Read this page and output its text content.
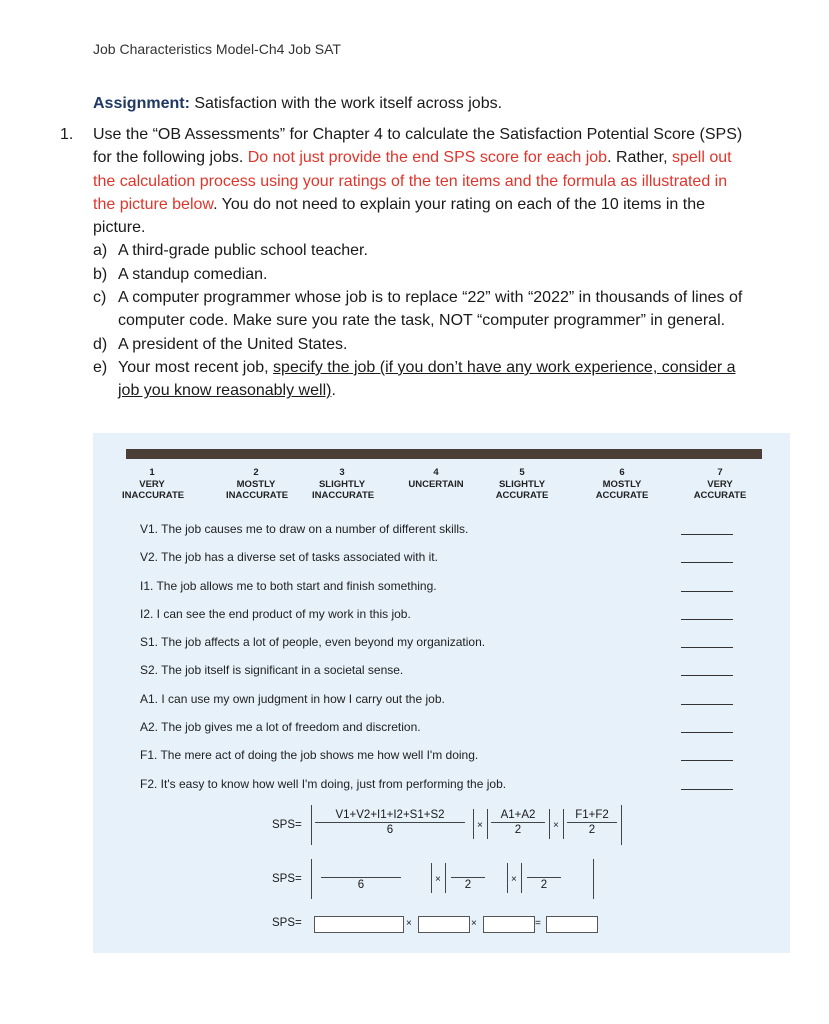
Job Characteristics Model-Ch4 Job SAT
Assignment: Satisfaction with the work itself across jobs.
1. Use the “OB Assessments” for Chapter 4 to calculate the Satisfaction Potential Score (SPS) for the following jobs. Do not just provide the end SPS score for each job. Rather, spell out the calculation process using your ratings of the ten items and the formula as illustrated in the picture below. You do not need to explain your rating on each of the 10 items in the picture.
a) A third-grade public school teacher.
b) A standup comedian.
c) A computer programmer whose job is to replace “22” with “2022” in thousands of lines of computer code. Make sure you rate the task, NOT “computer programmer” in general.
d) A president of the United States.
e) Your most recent job, specify the job (if you don’t have any work experience, consider a job you know reasonably well).
1
VERY INACCURATE
2
MOSTLY INACCURATE
3
SLIGHTLY INACCURATE
4
UNCERTAIN
5
SLIGHTLY ACCURATE
6
MOSTLY ACCURATE
7
VERY ACCURATE
V1. The job causes me to draw on a number of different skills.
V2. The job has a diverse set of tasks associated with it.
I1. The job allows me to both start and finish something.
I2. I can see the end product of my work in this job.
S1. The job affects a lot of people, even beyond my organization.
S2. The job itself is significant in a societal sense.
A1. I can use my own judgment in how I carry out the job.
A2. The job gives me a lot of freedom and discretion.
F1. The mere act of doing the job shows me how well I'm doing.
F2. It's easy to know how well I'm doing, just from performing the job.
$SPS= \frac{V1+V2+I1+I2+S1+S2}{6} \times \frac{A1+A2}{2} \times \frac{F1+F2}{2}$
SPS=	6	×	2	×	2
SPS=	×	×	=
